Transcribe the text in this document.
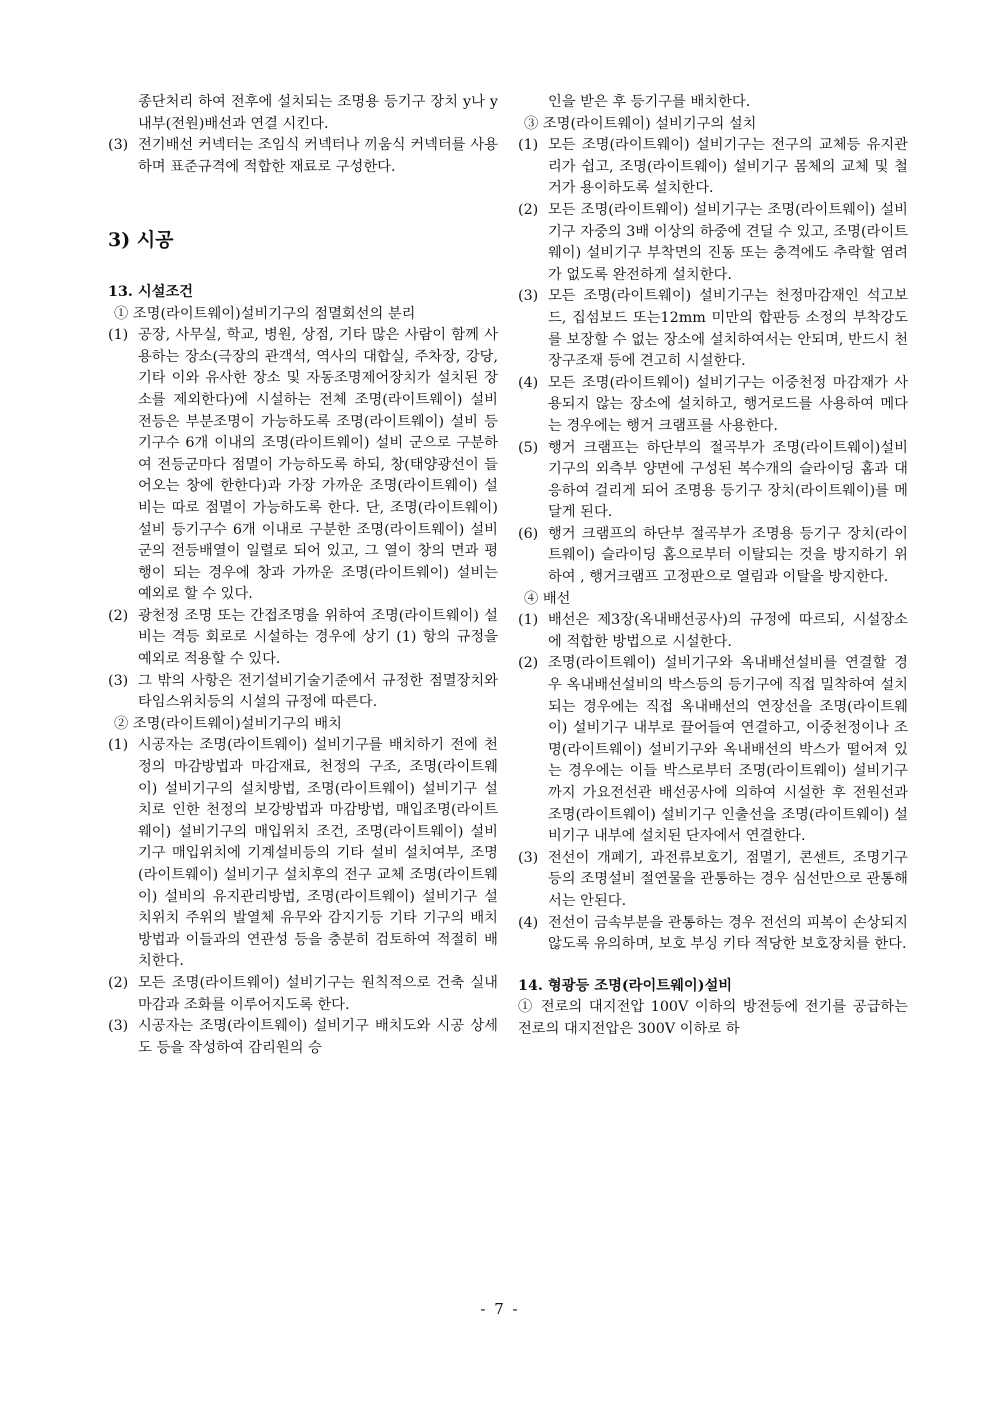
종단처리 하여 전후에 설치되는 조명용 등기구 장치 y나 y내부(전원)배선과 연결 시킨다.

(3) 전기배선 커넥터는 조임식 커넥터나 끼움식 커넥터를 사용하며 표준규격에 적합한 재료로 구성한다.
3) 시공

13. 시설조건

① 조명(라이트웨이)설비기구의 점멸회선의 분리

(1) 공장, 사무실, 학교, 병원, 상점, 기타 많은 사람이 함께 사용하는 장소(극장의 관객석, 역사의 대합실, 주차장, 강당, 기타 이와 유사한 장소 및 자동조명제어장치가 설치된 장소를 제외한다)에 시설하는 전체 조명(라이트웨이) 설비 전등은 부분조명이 가능하도록 조명(라이트웨이) 설비 등기구수 6개 이내의 조명(라이트웨이) 설비 군으로 구분하여 전등군마다 점멸이 가능하도록 하되, 창(태양광선이 들어오는 창에 한한다)과 가장 가까운 조명(라이트웨이) 설비는 따로 점멸이 가능하도록 한다. 단, 조명(라이트웨이) 설비 등기구수 6개 이내로 구분한 조명(라이트웨이) 설비군의 전등배열이 일렬로 되어 있고, 그 열이 창의 면과 평행이 되는 경우에 창과 가까운 조명(라이트웨이) 설비는 예외로 할 수 있다.
(2) 광천정 조명 또는 간접조명을 위하여 조명(라이트웨이) 설비는 격등 회로로 시설하는 경우에 상기 (1) 항의 규정을 예외로 적용할 수 있다.
(3) 그 밖의 사항은 전기설비기술기준에서 규정한 점멸장치와 타임스위치등의 시설의 규정에 따른다.

② 조명(라이트웨이)설비기구의 배치

(1) 시공자는 조명(라이트웨이) 설비기구를 배치하기 전에 천정의 마감방법과 마감재료, 천정의 구조, 조명(라이트웨이) 설비기구의 설치방법, 조명(라이트웨이) 설비기구 설치로 인한 천정의 보강방법과 마감방법, 매입조명(라이트웨이) 설비기구의 매입위치 조건, 조명(라이트웨이) 설비기구 매입위치에 기계설비등의 기타 설비 설치여부, 조명(라이트웨이) 설비기구 설치후의 전구 교체 조명(라이트웨이) 설비의 유지관리방법, 조명(라이트웨이) 설비기구 설치위치 주위의 발열체 유무와 감지기등 기타 기구의 배치방법과 이들과의 연관성 등을 충분히 검토하여 적절히 배치한다.
(2) 모든 조명(라이트웨이) 설비기구는 원칙적으로 건축 실내마감과 조화를 이루어지도록 한다.
(3) 시공자는 조명(라이트웨이) 설비기구 배치도와 시공 상세도 등을 작성하여 감리원의 승

인을 받은 후 등기구를 배치한다.

③ 조명(라이트웨이) 설비기구의 설치

(1) 모든 조명(라이트웨이) 설비기구는 전구의 교체등 유지관리가 쉽고, 조명(라이트웨이) 설비기구 몸체의 교체 및 철거가 용이하도록 설치한다.
(2) 모든 조명(라이트웨이) 설비기구는 조명(라이트웨이) 설비기구 자중의 3배 이상의 하중에 견딜 수 있고, 조명(라이트웨이) 설비기구 부착면의 진동 또는 충격에도 추락할 염려가 없도록 완전하게 설치한다.
(3) 모든 조명(라이트웨이) 설비기구는 천정마감재인 석고보드, 집섬보드 또는12mm 미만의 합판등 소정의 부착강도를 보장할 수 없는 장소에 설치하여서는 안되며, 반드시 천장구조재 등에 견고히 시설한다.
(4) 모든 조명(라이트웨이) 설비기구는 이중천정 마감재가 사용되지 않는 장소에 설치하고, 행거로드를 사용하여 메다는 경우에는 행거 크램프를 사용한다.
(5) 행거 크램프는 하단부의 절곡부가 조명(라이트웨이)설비 기구의 외측부 양면에 구성된 복수개의 슬라이딩 홈과 대응하여 걸리게 되어 조명용 등기구 장치(라이트웨이)를 메달게 된다.
(6) 행거 크램프의 하단부 절곡부가 조명용 등기구 장치(라이트웨이) 슬라이딩 홈으로부터 이탈되는 것을 방지하기 위하여 , 행거크램프 고정판으로 열림과 이탈을 방지한다.

④ 배선

(1) 배선은 제3장(옥내배선공사)의 규정에 따르되, 시설장소에 적합한 방법으로 시설한다.
(2) 조명(라이트웨이) 설비기구와 옥내배선설비를 연결할 경우 옥내배선설비의 박스등의 등기구에 직접 밀착하여 설치되는 경우에는 직접 옥내배선의 연장선을 조명(라이트웨이) 설비기구 내부로 끌어들여 연결하고, 이중천정이나 조명(라이트웨이) 설비기구와 옥내배선의 박스가 떨어져 있는 경우에는 이들 박스로부터 조명(라이트웨이) 설비기구까지 가요전선관 배선공사에 의하여 시설한 후 전원선과 조명(라이트웨이) 설비기구 인출선을 조명(라이트웨이) 설비기구 내부에 설치된 단자에서 연결한다.
(3) 전선이 개폐기, 과전류보호기, 점멸기, 콘센트, 조명기구 등의 조명설비 절연물을 관통하는 경우 심선만으로 관통해서는 안된다.
(4) 전선이 금속부분을 관통하는 경우 전선의 피복이 손상되지 않도록 유의하며, 보호 부싱 키타 적당한 보호장치를 한다.

14. 형광등 조명(라이트웨이)설비

① 전로의 대지전압 100V 이하의 방전등에 전기를 공급하는 전로의 대지전압은 300V 이하로 하

- 7 -
